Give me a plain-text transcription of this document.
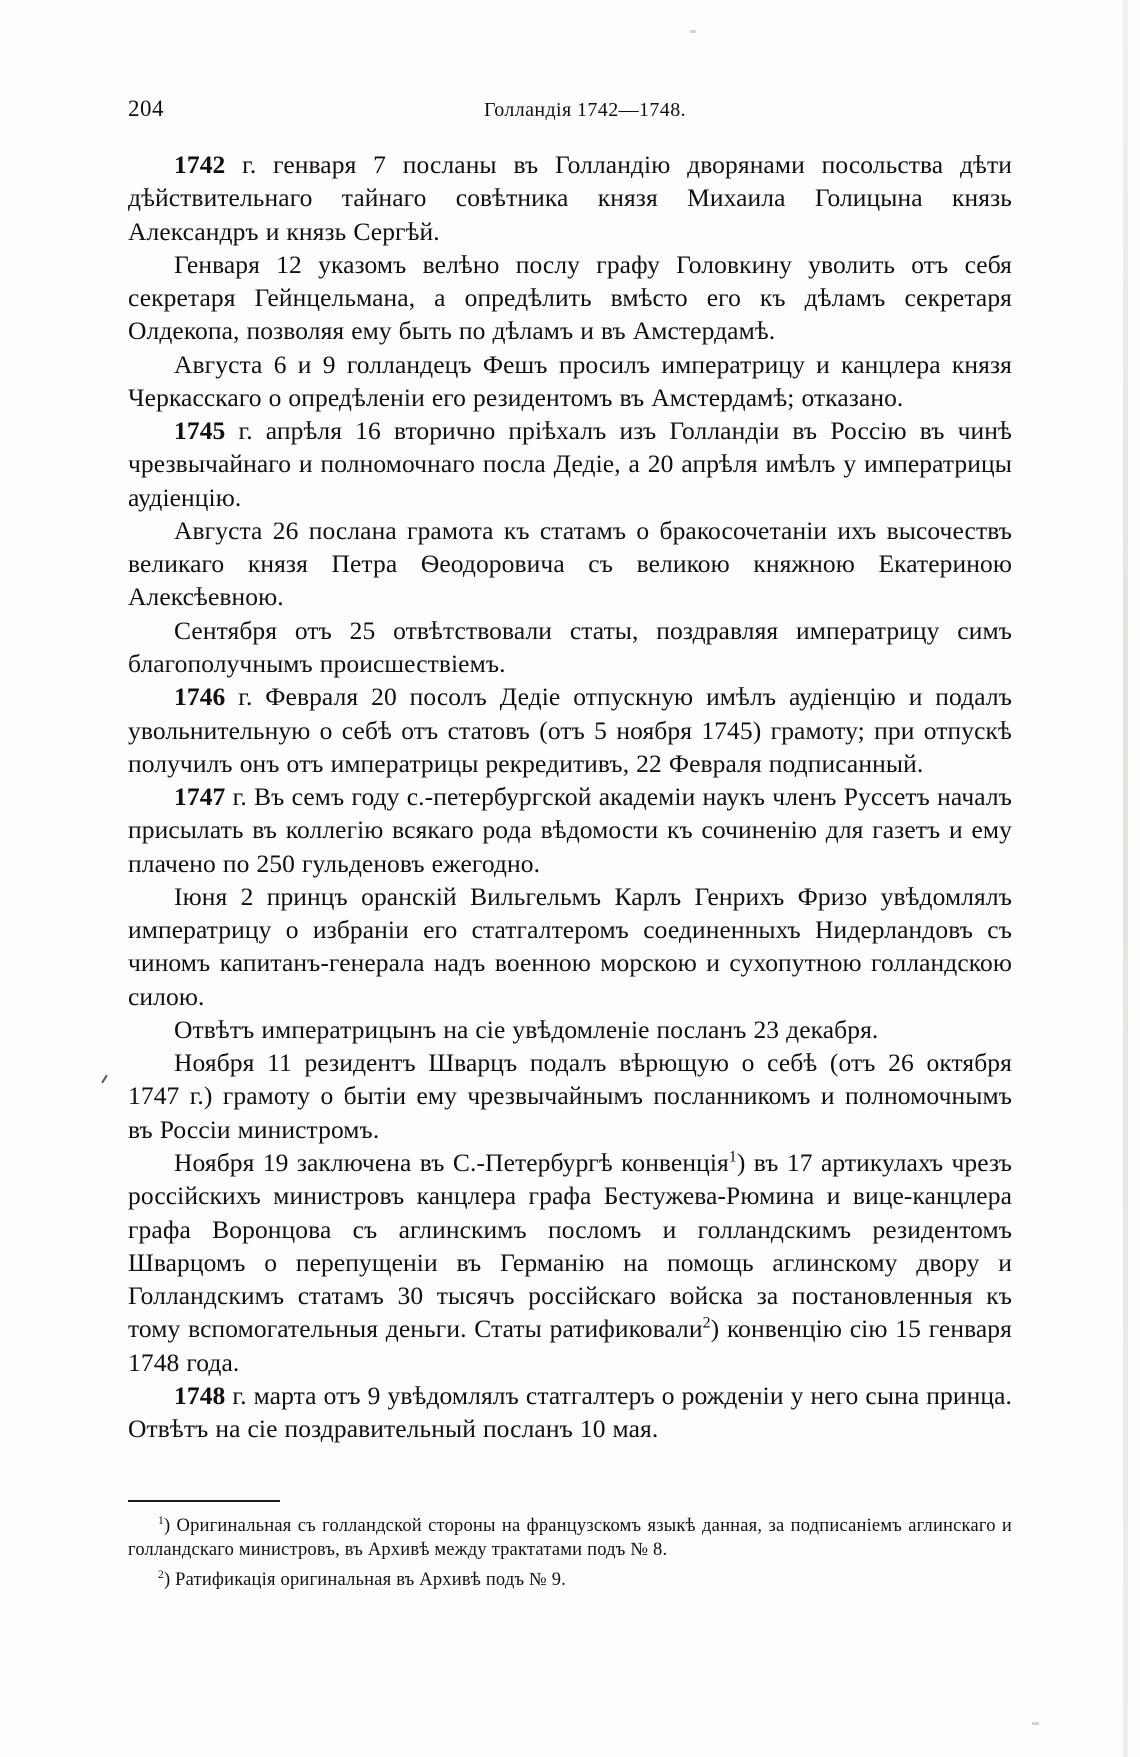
204	Голландія 1742—1748.

1742 г. генваря 7 посланы въ Голландію дворянами посольства дѣти дѣйствительнаго тайнаго совѣтника князя Михаила Голицына князь Александръ и князь Сергѣй.

Генваря 12 указомъ велѣно послу графу Головкину уволить отъ себя секретаря Гейнцельмана, а опредѣлить вмѣсто его къ дѣламъ секретаря Олдекопа, позволяя ему быть по дѣламъ и въ Амстердамѣ.

Августа 6 и 9 голландецъ Фешъ просилъ императрицу и канцлера князя Черкасскаго о опредѣленіи его резидентомъ въ Амстердамѣ; отказано.

1745 г. апрѣля 16 вторично пріѣхалъ изъ Голландіи въ Россію въ чинѣ чрезвычайнаго и полномочнаго посла Дедіе, а 20 апрѣля имѣлъ у императрицы аудіенцію.

Августа 26 послана грамота къ статамъ о бракосочетаніи ихъ высочествъ великаго князя Петра Ѳеодоровича съ великою княжною Екатериною Алексѣевною.

Сентября отъ 25 отвѣтствовали статы, поздравляя императрицу симъ благополучнымъ происшествіемъ.

1746 г. Февраля 20 посолъ Дедіе отпускную имѣлъ аудіенцію и подалъ увольнительную о себѣ отъ статовъ (отъ 5 ноября 1745) грамоту; при отпускѣ получилъ онъ отъ императрицы рекредитивъ, 22 Февраля подписанный.

1747 г. Въ семъ году с.-петербургской академіи наукъ членъ Руссетъ началъ присылать въ коллегію всякаго рода вѣдомости къ сочиненію для газетъ и ему плачено по 250 гульденовъ ежегодно.

Іюня 2 принцъ оранскій Вильгельмъ Карлъ Генрихъ Фризо увѣдомлялъ императрицу о избраніи его статгалтеромъ соединенныхъ Нидерландовъ съ чиномъ капитанъ-генерала надъ военною морскою и сухопутною голландскою силою.

Отвѣтъ императрицынъ на сіе увѣдомленіе посланъ 23 декабря.

Ноября 11 резидентъ Шварцъ подалъ вѣрющую о себѣ (отъ 26 октября 1747 г.) грамоту о бытіи ему чрезвычайнымъ посланникомъ и полномочнымъ въ Россіи министромъ.

Ноября 19 заключена въ С.-Петербургѣ конвенція$^1$) въ 17 артикулахъ чрезъ россійскихъ министровъ канцлера графа Бестужева-Рюмина и вице-канцлера графа Воронцова съ аглинскимъ посломъ и голландскимъ резидентомъ Шварцомъ о перепущеніи въ Германію на помощь аглинскому двору и Голландскимъ статамъ 30 тысячъ россійскаго войска за постановленныя къ тому вспомогательныя деньги. Статы ратификовали$^2$) конвенцію сію 15 генваря 1748 года.

1748 г. марта отъ 9 увѣдомлялъ статгалтеръ о рожденіи у него сына принца. Отвѣтъ на сіе поздравительный посланъ 10 мая.

$^1$) Оригинальная съ голландской стороны на французскомъ языкѣ данная, за подписаніемъ аглинскаго и голландскаго министровъ, въ Архивѣ между трактатами подъ № 8.

$^2$) Ратификація оригинальная въ Архивѣ подъ № 9.
